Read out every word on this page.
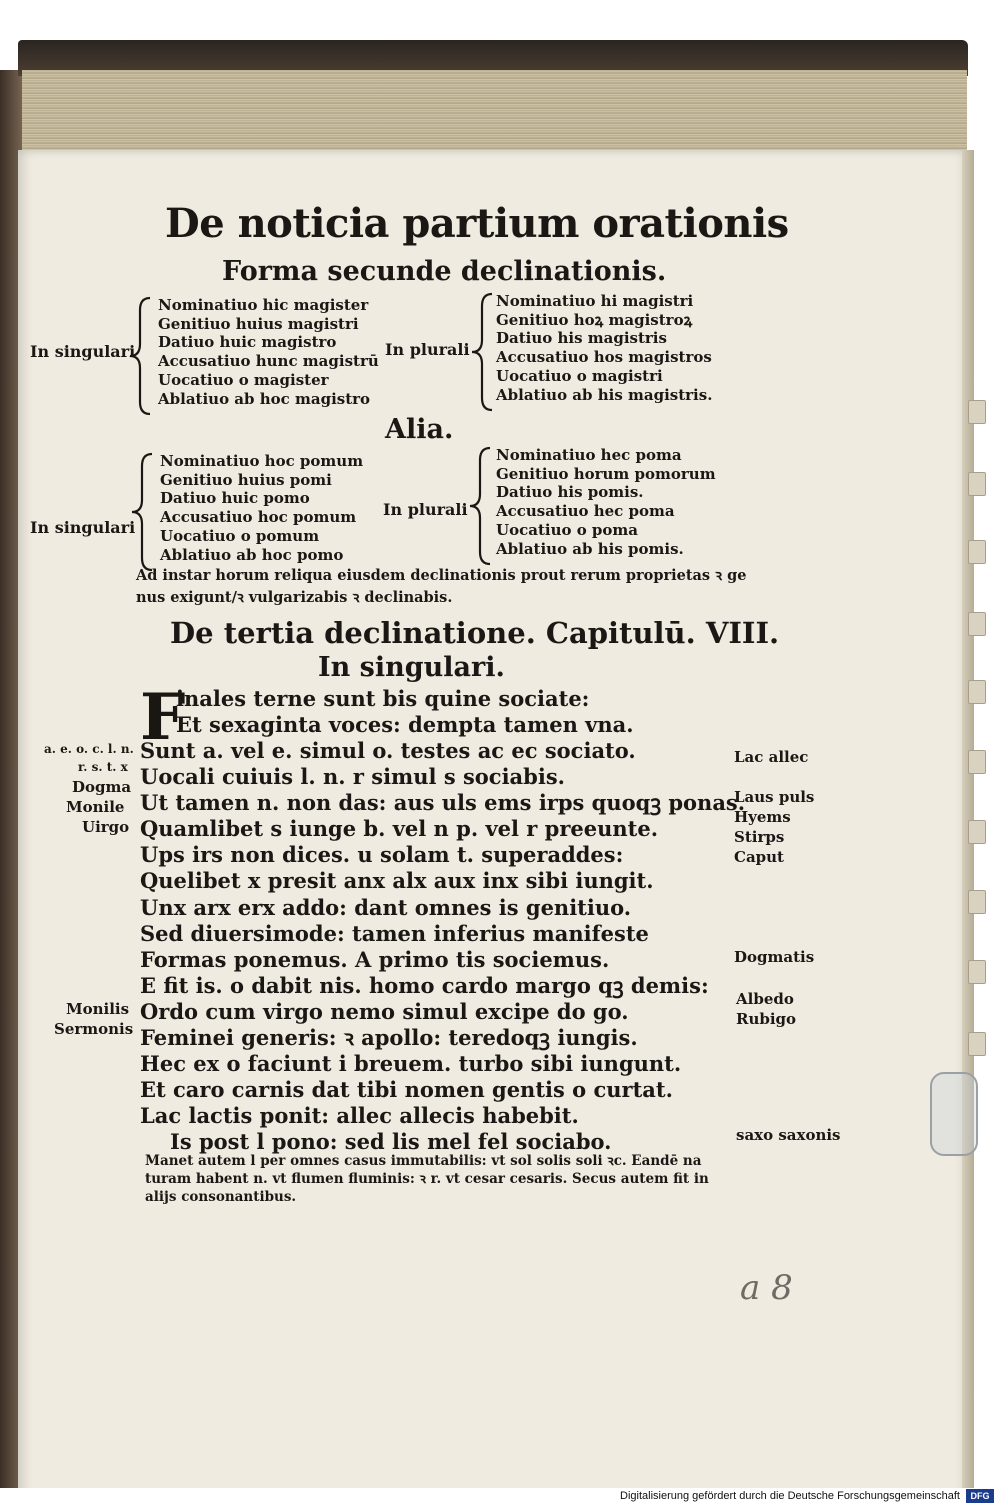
De noticia partium orationis
Forma secunde declinationis.
In singulari
Nominatiuo hic magister
Genitiuo huius magistri
Datiuo huic magistro
Accusatiuo hunc magistrū
Uocatiuo o magister
Ablatiuo ab hoc magistro
In plurali
Nominatiuo hi magistri
Genitiuo hoꝝ magistroꝝ
Datiuo his magistris
Accusatiuo hos magistros
Uocatiuo o magistri
Ablatiuo ab his magistris.
Alia.
In singulari
Nominatiuo hoc pomum
Genitiuo huius pomi
Datiuo huic pomo
Accusatiuo hoc pomum
Uocatiuo o pomum
Ablatiuo ab hoc pomo
In plurali
Nominatiuo hec poma
Genitiuo horum pomorum
Datiuo his pomis.
Accusatiuo hec poma
Uocatiuo o poma
Ablatiuo ab his pomis.
Ad instar horum reliqua eiusdem declinationis prout rerum proprietas ꝛ ge
nus exigunt/ꝛ vulgarizabis ꝛ declinabis.
De tertia declinatione. Capitulū. VIII.
In singulari.
F
inales terne sunt bis quine sociate:
Et sexaginta voces: dempta tamen vna.
Sunt a. vel e. simul o. testes ac ec sociato.
Uocali cuiuis l. n. r simul s sociabis.
Ut tamen n. non das: aus uls ems irps quoqꝫ ponas.
Quamlibet s iunge b. vel n p. vel r preeunte.
Ups irs non dices. u solam t. superaddes:
Quelibet x presit anx alx aux inx sibi iungit.
Unx arx erx addo: dant omnes is genitiuo.
Sed diuersimode: tamen inferius manifeste
Formas ponemus. A primo tis sociemus.
E fit is. o dabit nis. homo cardo margo qꝫ demis:
Ordo cum virgo nemo simul excipe do go.
Feminei generis: ꝛ apollo: teredoqꝫ iungis.
Hec ex o faciunt i breuem. turbo sibi iungunt.
Et caro carnis dat tibi nomen gentis o curtat.
Lac lactis ponit: allec allecis habebit.
Is post l pono: sed lis mel fel sociabo.
a. e. o. c. l. n.
r. s. t. x
Dogma
Monile
Uirgo
Monilis
Sermonis
Lac allec
Laus puls
Hyems
Stirps
Caput
Dogmatis
Albedo
Rubigo
saxo saxonis
Manet autem l per omnes casus immutabilis: vt sol solis soli ꝛc. Eandē na
turam habent n. vt flumen fluminis: ꝛ r. vt cesar cesaris. Secus autem fit in
alijs consonantibus.
a 8
Digitalisierung gefördert durch die Deutsche Forschungsgemeinschaft	DFG
